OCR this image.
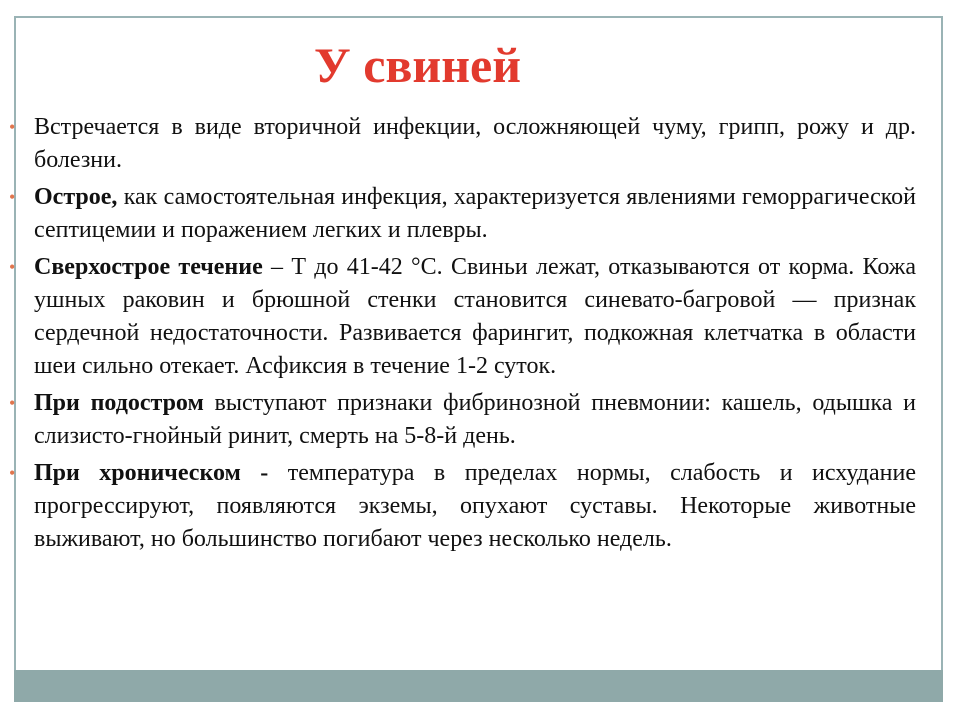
У свиней
• Встречается в виде вторичной инфекции, осложняющей чуму, грипп, рожу и др. болезни.
• Острое, как самостоятельная инфекция, характеризуется явлениями геморрагической септицемии и поражением легких и плевры.
• Сверхострое течение – Т до 41-42 °С. Свиньи лежат, отказываются от корма. Кожа ушных раковин и брюшной стенки становится синевато-багровой — признак сердечной недостаточности. Развивается фарингит, подкожная клетчатка в области шеи сильно отекает. Асфиксия в течение 1-2 суток.
• При подостром выступают признаки фибринозной пневмонии: кашель, одышка и слизисто-гнойный ринит, смерть на 5-8-й день.
• При хроническом - температура в пределах нормы, слабость и исхудание прогрессируют, появляются экземы, опухают суставы. Некоторые животные выживают, но большинство погибают через несколько недель.
